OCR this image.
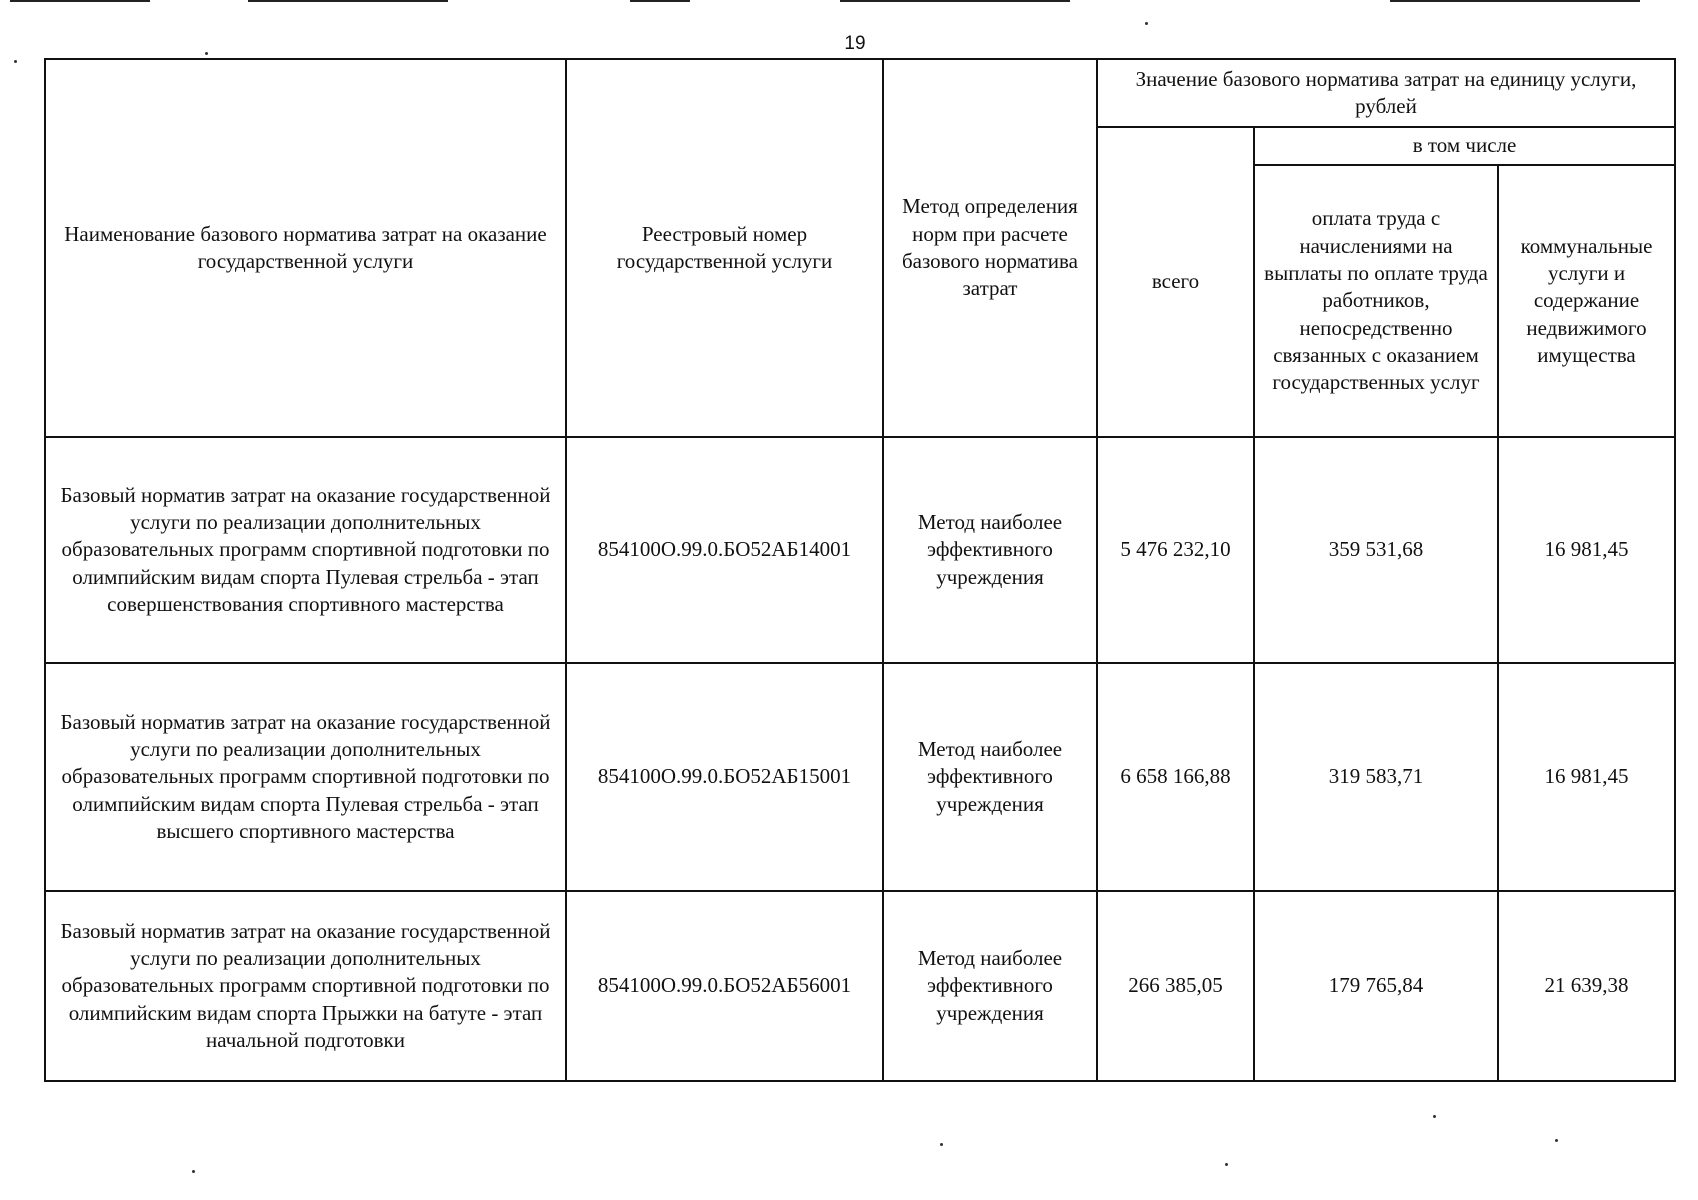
19
Наименование базового норматива затрат на оказание государственной услуги	Реестровый номер государственной услуги	Метод определения норм при расчете базового норматива затрат	Значение базового норматива затрат на единицу услуги, рублей		
			всего	в том числе	
				оплата труда с начислениями на выплаты по оплате труда работников, непосредственно связанных с оказанием государственных услуг	коммунальные услуги и содержание недвижимого имущества
Базовый норматив затрат на оказание государственной услуги по реализации дополнительных образовательных программ спортивной подготовки по олимпийским видам спорта Пулевая стрельба - этап совершенствования спортивного мастерства	854100О.99.0.БО52АБ14001	Метод наиболее эффективного учреждения	5 476 232,10	359 531,68	16 981,45
Базовый норматив затрат на оказание государственной услуги по реализации дополнительных образовательных программ спортивной подготовки по олимпийским видам спорта Пулевая стрельба - этап высшего спортивного мастерства	854100О.99.0.БО52АБ15001	Метод наиболее эффективного учреждения	6 658 166,88	319 583,71	16 981,45
Базовый норматив затрат на оказание государственной услуги по реализации дополнительных образовательных программ спортивной подготовки по олимпийским видам спорта Прыжки на батуте - этап начальной подготовки	854100О.99.0.БО52АБ56001	Метод наиболее эффективного учреждения	266 385,05	179 765,84	21 639,38
